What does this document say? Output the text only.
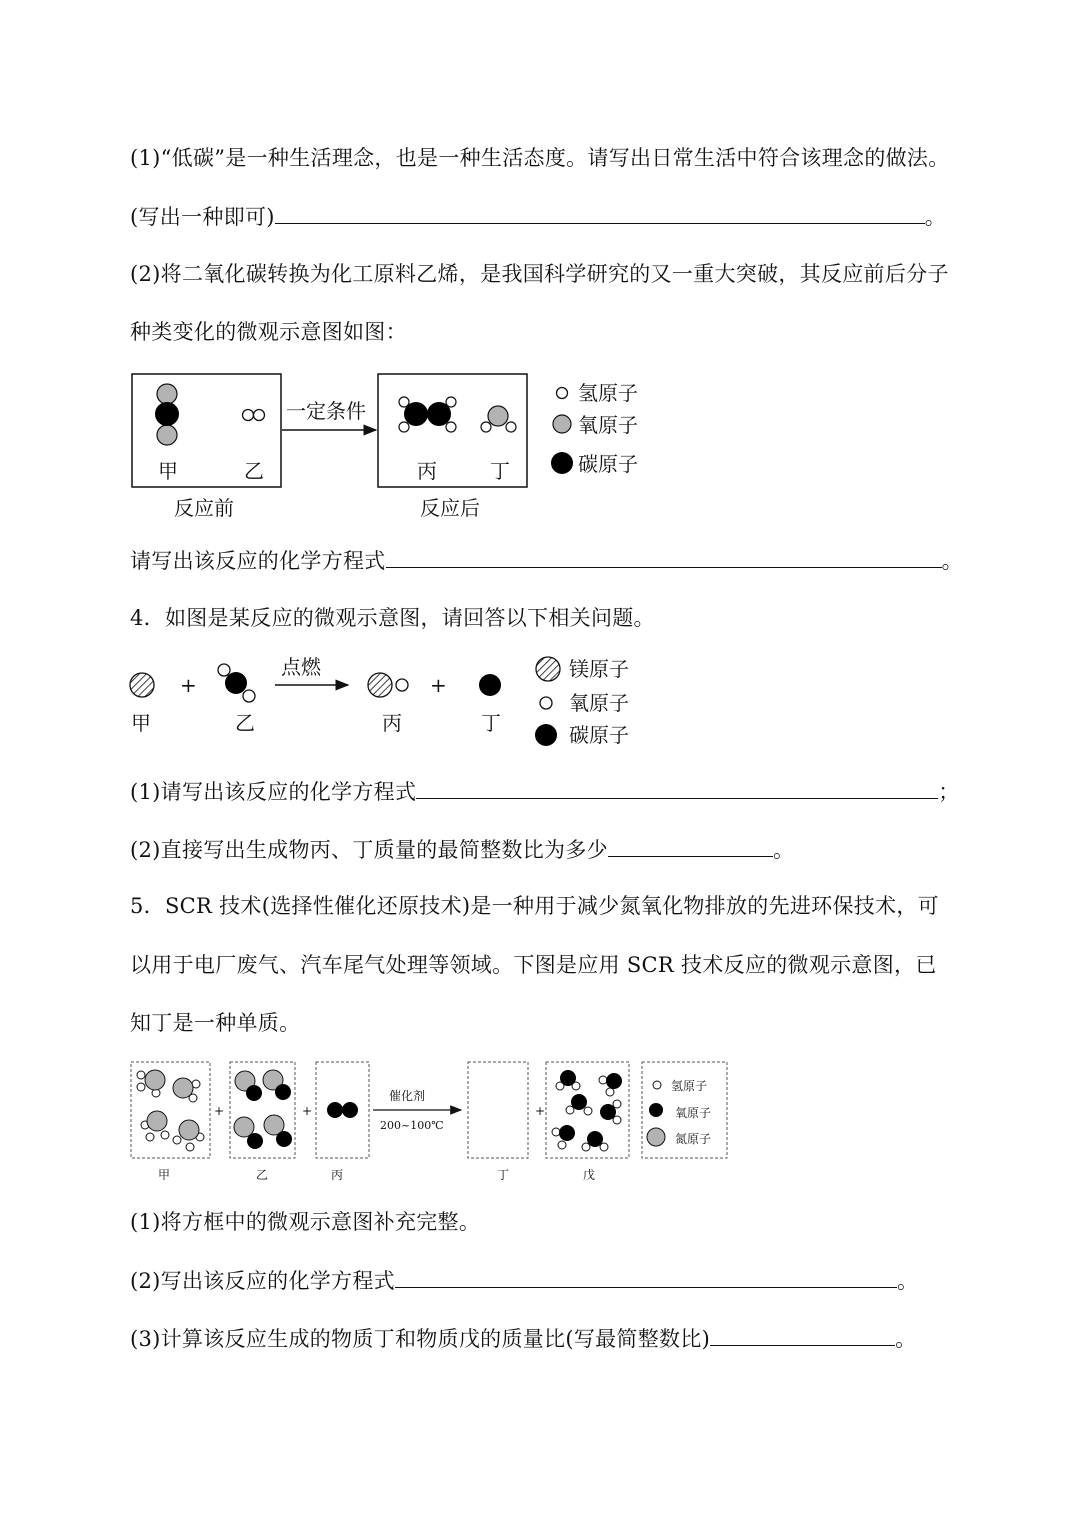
(1)“低碳”是一种生活理念，也是一种生活态度。请写出日常生活中符合该理念的做法。
(写出一种即可)	。
(2)将二氧化碳转换为化工原料乙烯，是我国科学研究的又一重大突破，其反应前后分子
种类变化的微观示意图如图：
甲	乙
一定条件
丙	丁
反应前	反应后
氢原子
氧原子
碳原子
请写出该反应的化学方程式	。
4．如图是某反应的微观示意图，请回答以下相关问题。
+
点燃
+
甲	乙	丙	丁
镁原子
氧原子
碳原子
(1)请写出该反应的化学方程式	；
(2)直接写出生成物丙、丁质量的最简整数比为多少	。
5．SCR 技术(选择性催化还原技术)是一种用于减少氮氧化物排放的先进环保技术，可
以用于电厂废气、汽车尾气处理等领域。下图是应用 SCR 技术反应的微观示意图，已
知丁是一种单质。
+	+
催化剂
200~100℃
+
氢原子
氧原子
氮原子
甲	乙	丙	丁	戊
(1)将方框中的微观示意图补充完整。
(2)写出该反应的化学方程式	。
(3)计算该反应生成的物质丁和物质戊的质量比(写最简整数比)	。
